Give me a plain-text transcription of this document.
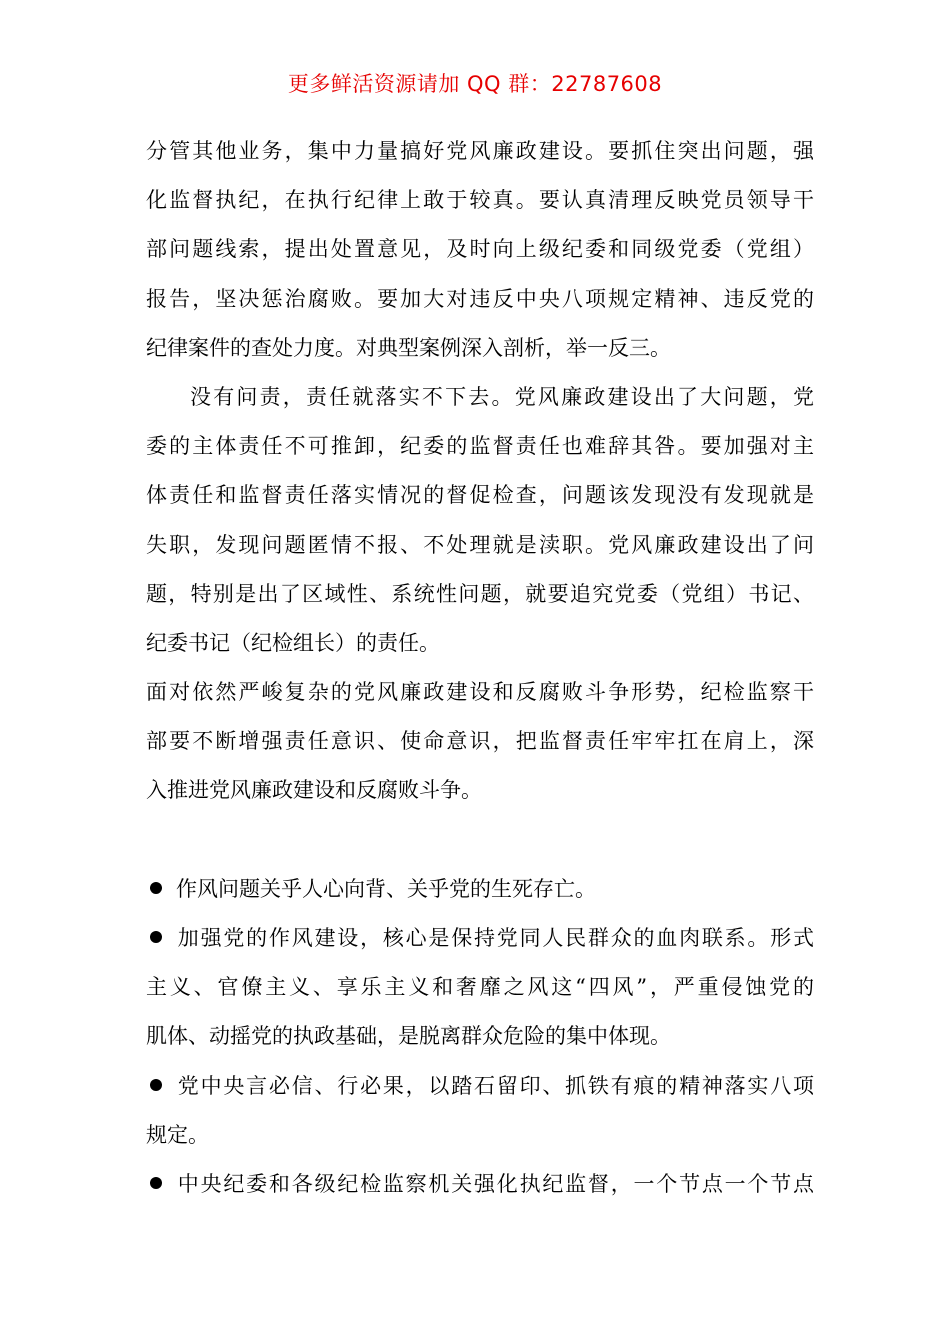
更多鲜活资源请加 QQ 群：22787608
分管其他业务，集中力量搞好党风廉政建设。要抓住突出问题，强
化监督执纪，在执行纪律上敢于较真。要认真清理反映党员领导干
部问题线索，提出处置意见，及时向上级纪委和同级党委（党组）
报告，坚决惩治腐败。要加大对违反中央八项规定精神、违反党的
纪律案件的查处力度。对典型案例深入剖析，举一反三。
没有问责，责任就落实不下去。党风廉政建设出了大问题，党
委的主体责任不可推卸，纪委的监督责任也难辞其咎。要加强对主
体责任和监督责任落实情况的督促检查，问题该发现没有发现就是
失职，发现问题匿情不报、不处理就是渎职。党风廉政建设出了问
题，特别是出了区域性、系统性问题，就要追究党委（党组）书记、
纪委书记（纪检组长）的责任。
面对依然严峻复杂的党风廉政建设和反腐败斗争形势，纪检监察干
部要不断增强责任意识、使命意识，把监督责任牢牢扛在肩上，深
入推进党风廉政建设和反腐败斗争。
作风问题关乎人心向背、关乎党的生死存亡。
加强党的作风建设，核心是保持党同人民群众的血肉联系。形式
主义、官僚主义、享乐主义和奢靡之风这“四风”，严重侵蚀党的
肌体、动摇党的执政基础，是脱离群众危险的集中体现。
党中央言必信、行必果，以踏石留印、抓铁有痕的精神落实八项
规定。
中央纪委和各级纪检监察机关强化执纪监督，一个节点一个节点
